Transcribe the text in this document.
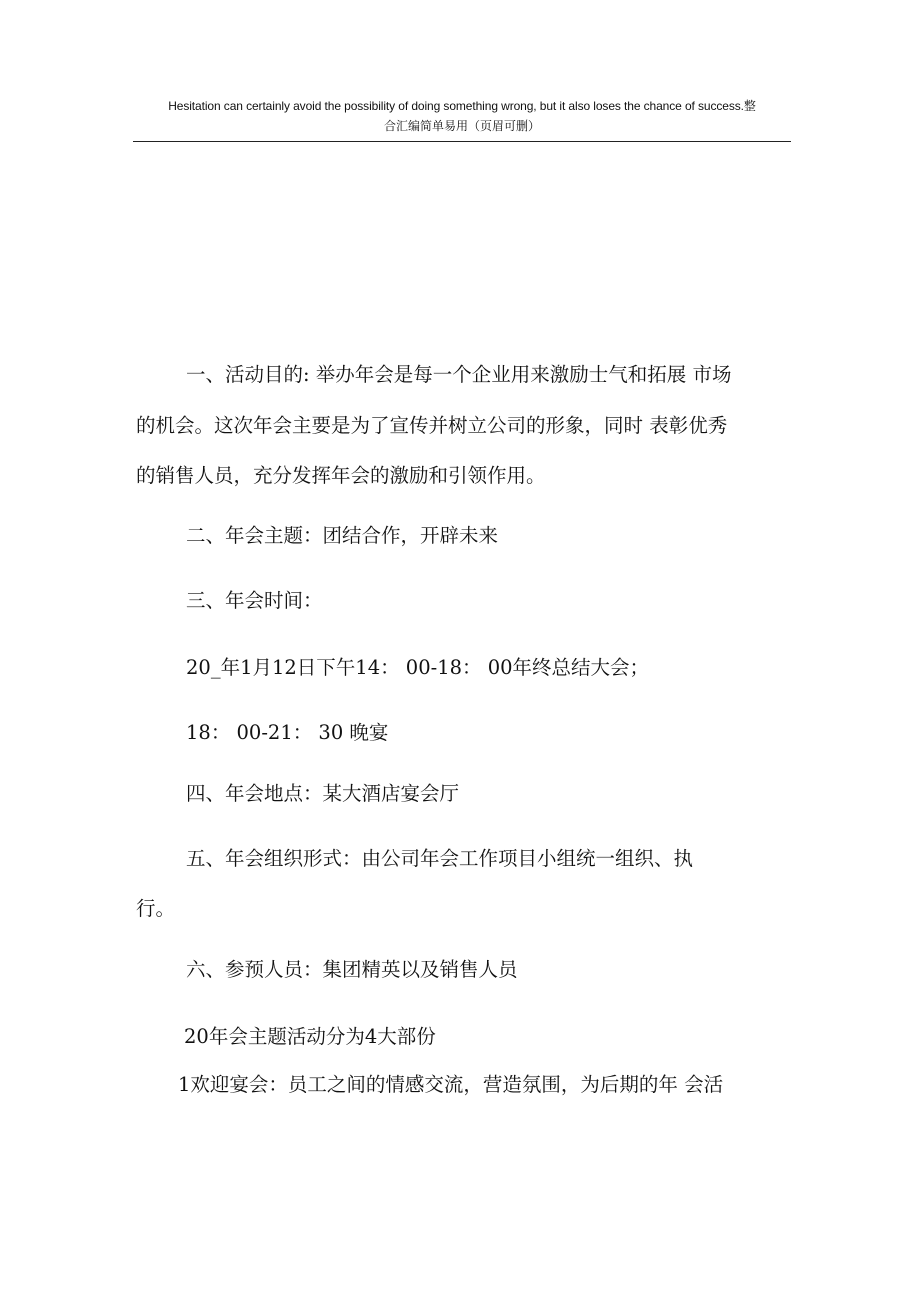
Hesitation can certainly avoid the possibility of doing something wrong, but it also loses the chance of success.整
合汇编简单易用（页眉可删）
一、活动目的: 举办年会是每一个企业用来激励士气和拓展 市场
的机会。这次年会主要是为了宣传并树立公司的形象，同时 表彰优秀
的销售人员，充分发挥年会的激励和引领作用。
二、年会主题：团结合作，开辟未来
三、年会时间：
20_年1月12日下午14： 00-18： 00年终总结大会；
18： 00-21： 30 晚宴
四、年会地点：某大酒店宴会厅
五、年会组织形式：由公司年会工作项目小组统一组织、执
行。
六、参预人员：集团精英以及销售人员
20年会主题活动分为4大部份
1欢迎宴会：员工之间的情感交流，营造氛围，为后期的年 会活
